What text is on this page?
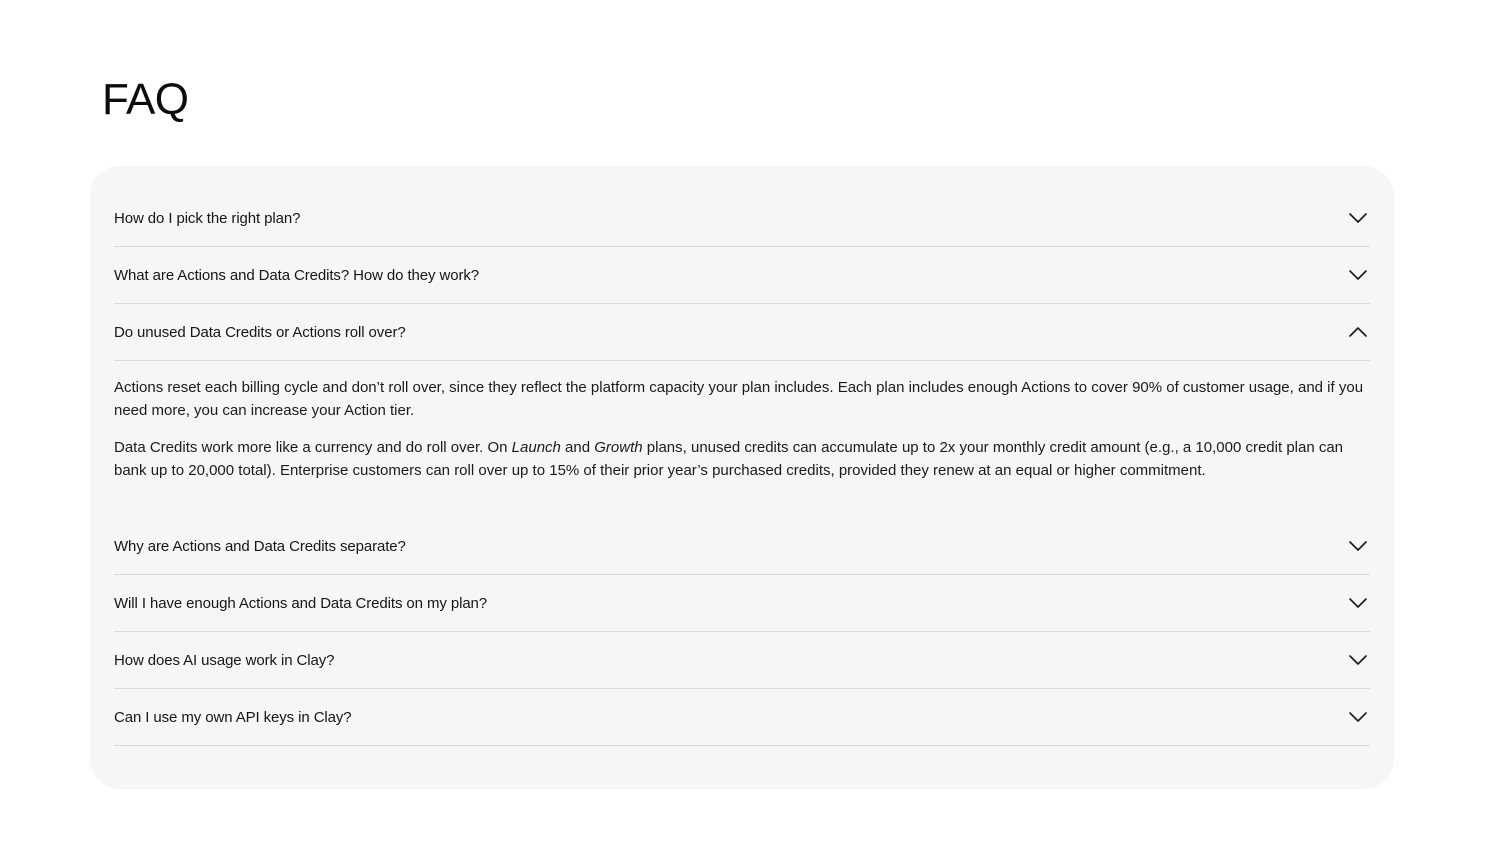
FAQ
How do I pick the right plan?
What are Actions and Data Credits? How do they work?
Do unused Data Credits or Actions roll over?

Actions reset each billing cycle and don’t roll over, since they reflect the platform capacity your plan includes. Each plan includes enough Actions to cover 90% of customer usage, and if you need more, you can increase your Action tier.

Data Credits work more like a currency and do roll over. On Launch and Growth plans, unused credits can accumulate up to 2x your monthly credit amount (e.g., a 10,000 credit plan can bank up to 20,000 total). Enterprise customers can roll over up to 15% of their prior year’s purchased credits, provided they renew at an equal or higher commitment.

Why are Actions and Data Credits separate?
Will I have enough Actions and Data Credits on my plan?
How does AI usage work in Clay?
Can I use my own API keys in Clay?
